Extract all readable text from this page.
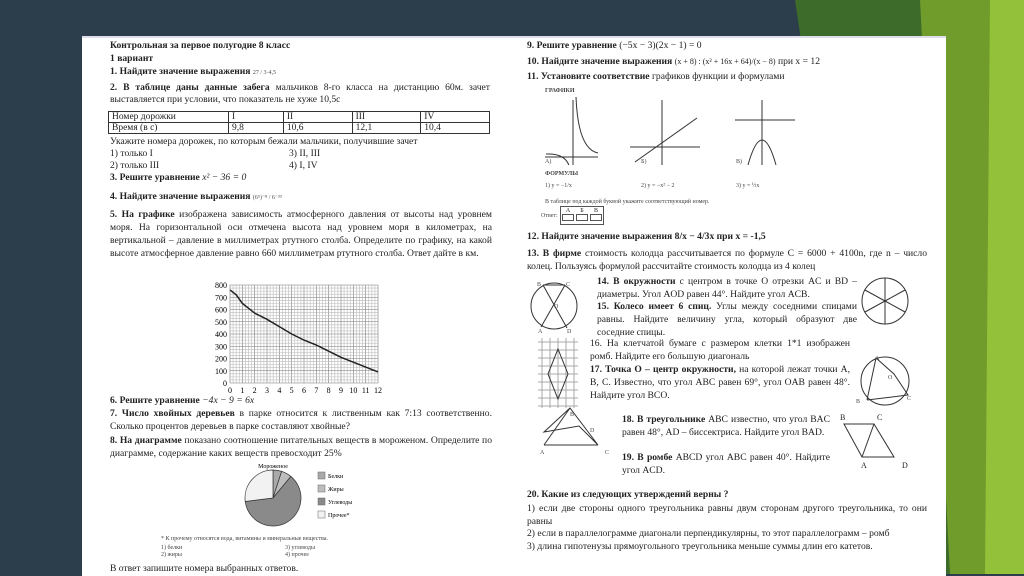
Контрольная за первое полугодие 8 класс
1 вариант
1. Найдите значение выражения 27 / 3·4,5
2. В таблице даны данные забега мальчиков 8-го класса на дистанцию 60м. зачет выставляется при условии, что показатель не хуже 10,5с
Номер дорожки	I	II	III	IV
Время (в с)	9,8	10,6	12,1	10,4
Укажите номера дорожек, по которым бежали мальчики, получившие зачет
1) только I
2) только III
3) II, III
4) I, IV
3. Решите уравнение x² − 36 = 0
4. Найдите значение выражения (6⁵)⁻⁸ / 6⁻³³
5. На графике изображена зависимость атмосферного давления от высоты над уровнем моря. На горизонтальной оси отмечена высота над уровнем моря в километрах, на вертикальной – давление в миллиметрах ртутного столба. Определите по графику, на какой высоте атмосферное давление равно 660 миллиметрам ртутного столба. Ответ дайте в км.
0
100
200
300
400
500
600
700
800
0 1 2 3 4 5 6 7 8 9 10 11 12
6. Решите уравнение −4x − 9 = 6x
7. Число хвойных деревьев в парке относится к лиственным как 7:13 соответственно. Сколько процентов деревьев в парке составляют хвойные?
8. На диаграмме показано соотношение питательных веществ в мороженом. Определите по диаграмме, содержание каких веществ превосходит 25%
Мороженое
Белки
Жиры
Углеводы
Прочее*
* К прочему относятся вода, витамины и минеральные вещества.
1) белки
2) жиры
3) углеводы
4) прочее
В ответ запишите номера выбранных ответов.
9. Решите уравнение (−5x − 3)(2x − 1) = 0
10. Найдите значение выражения (x + 8) : (x² + 16x + 64)/(x − 8) при x = 12
11. Установите соответствие графиков функции и формулами
ГРАФИКИ
А)	Б)	В)
ФОРМУЛЫ
1) y = −1/x	2) y = −x² − 2	3) y = ½x
В таблице под каждой буквой укажите соответствующий номер.
Ответ:
А	Б	В
12. Найдите значение выражения 8/x − 4/3x при x = -1,5
13. В фирме стоимость колодца рассчитывается по формуле C = 6000 + 4100n, где n – число колец. Пользуясь формулой рассчитайте стоимость колодца из 4 колец
B	C
O
A	D
B
D
A	C
A
O
B	C
B	C
A	D
14. В окружности с центром в точке O отрезки AC и BD – диаметры. Угол AOD равен 44°. Найдите угол ACB.
15. Колесо имеет 6 спиц. Углы между соседними спицами равны. Найдите величину угла, который образуют две соседние спицы.
16. На клетчатой бумаге с размером клетки 1*1 изображен ромб. Найдите его большую диагональ
17. Точка O – центр окружности, на которой лежат точки A, B, C. Известно, что угол ABC равен 69°, угол OAB равен 48°. Найдите угол BCO.
18. В треугольнике ABC известно, что угол BAC равен 48°, AD – биссектриса. Найдите угол BAD.
19. В ромбе ABCD угол ABC равен 40°. Найдите угол ACD.
20. Какие из следующих утверждений верны ?
1) если две стороны одного треугольника равны двум сторонам другого треугольника, то они равны
2) если в параллелограмме диагонали перпендикулярны, то этот параллелограмм – ромб
3) длина гипотенузы прямоугольного треугольника меньше суммы длин его катетов.
